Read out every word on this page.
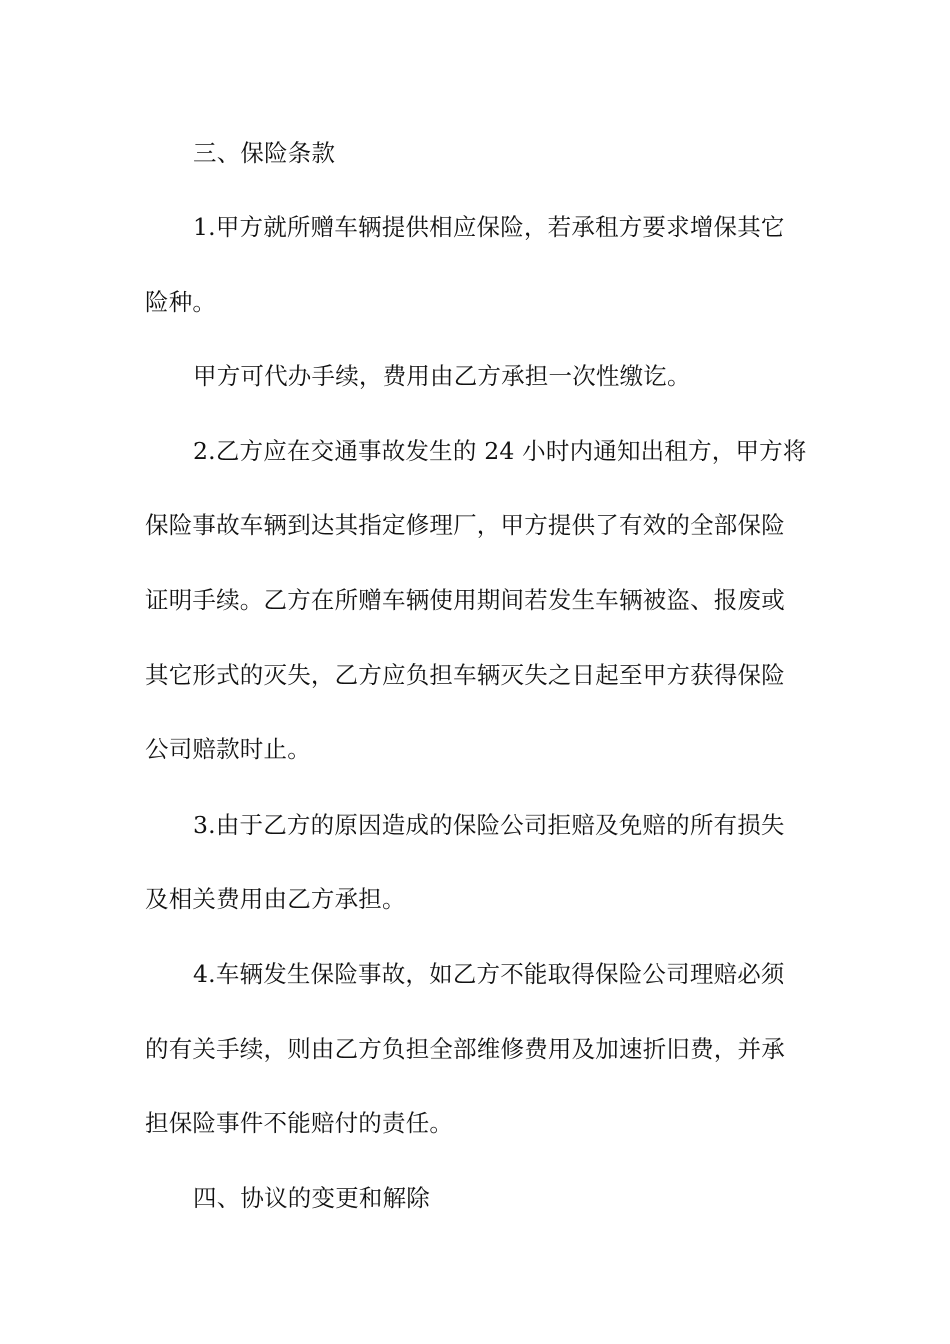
三、保险条款
1.甲方就所赠车辆提供相应保险，若承租方要求增保其它
险种。
甲方可代办手续，费用由乙方承担一次性缴讫。
2.乙方应在交通事故发生的 24 小时内通知出租方，甲方将
保险事故车辆到达其指定修理厂，甲方提供了有效的全部保险
证明手续。乙方在所赠车辆使用期间若发生车辆被盗、报废或
其它形式的灭失，乙方应负担车辆灭失之日起至甲方获得保险
公司赔款时止。
3.由于乙方的原因造成的保险公司拒赔及免赔的所有损失
及相关费用由乙方承担。
4.车辆发生保险事故，如乙方不能取得保险公司理赔必须
的有关手续，则由乙方负担全部维修费用及加速折旧费，并承
担保险事件不能赔付的责任。
四、协议的变更和解除
